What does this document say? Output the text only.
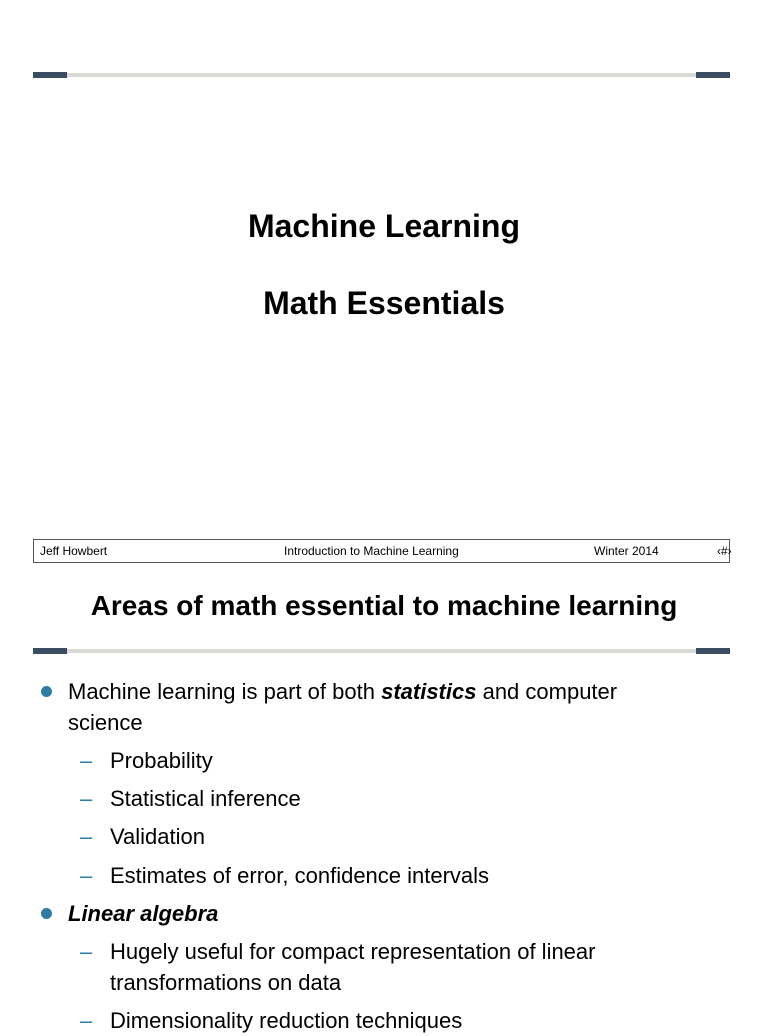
Machine Learning
Math Essentials
Jeff Howbert	Introduction to Machine Learning	Winter 2014	‹#›
Areas of math essential to machine learning
Machine learning is part of both statistics and computer
science
– Probability
– Statistical inference
– Validation
– Estimates of error, confidence intervals
Linear algebra
– Hugely useful for compact representation of linear
transformations on data
– Dimensionality reduction techniques
